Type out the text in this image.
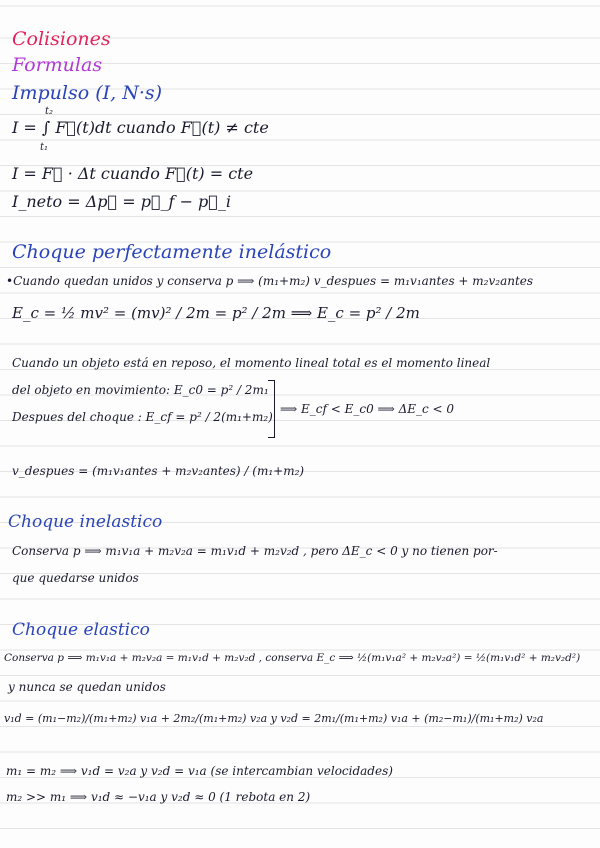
Colisiones
Formulas
Impulso (I, N·s)
t₂
I = ∫ F⃗(t)dt cuando F⃗(t) ≠ cte
t₁
I = F⃗ · Δt cuando F⃗(t) = cte
I_neto = Δp⃗ = p⃗_f − p⃗_i
Choque perfectamente inelástico
•Cuando quedan unidos y conserva p ⟹ (m₁+m₂) v_despues = m₁v₁antes + m₂v₂antes
E_c = ½ mv² = (mv)² / 2m = p² / 2m ⟹ E_c = p² / 2m
Cuando un objeto está en reposo, el momento lineal total es el momento lineal
del objeto en movimiento: E_c0 = p² / 2m₁
Despues del choque : E_cf = p² / 2(m₁+m₂)
⟹ E_cf < E_c0 ⟹ ΔE_c < 0
v_despues = (m₁v₁antes + m₂v₂antes) / (m₁+m₂)
Choque inelastico
Conserva p ⟹ m₁v₁a + m₂v₂a = m₁v₁d + m₂v₂d , pero ΔE_c < 0 y no tienen por-
que quedarse unidos
Choque elastico
Conserva p ⟹ m₁v₁a + m₂v₂a = m₁v₁d + m₂v₂d , conserva E_c ⟹ ½(m₁v₁a² + m₂v₂a²) = ½(m₁v₁d² + m₂v₂d²)
y nunca se quedan unidos
v₁d = (m₁−m₂)/(m₁+m₂) v₁a + 2m₂/(m₁+m₂) v₂a y v₂d = 2m₁/(m₁+m₂) v₁a + (m₂−m₁)/(m₁+m₂) v₂a
m₁ = m₂ ⟹ v₁d = v₂a y v₂d = v₁a (se intercambian velocidades)
m₂ >> m₁ ⟹ v₁d ≈ −v₁a y v₂d ≈ 0 (1 rebota en 2)
